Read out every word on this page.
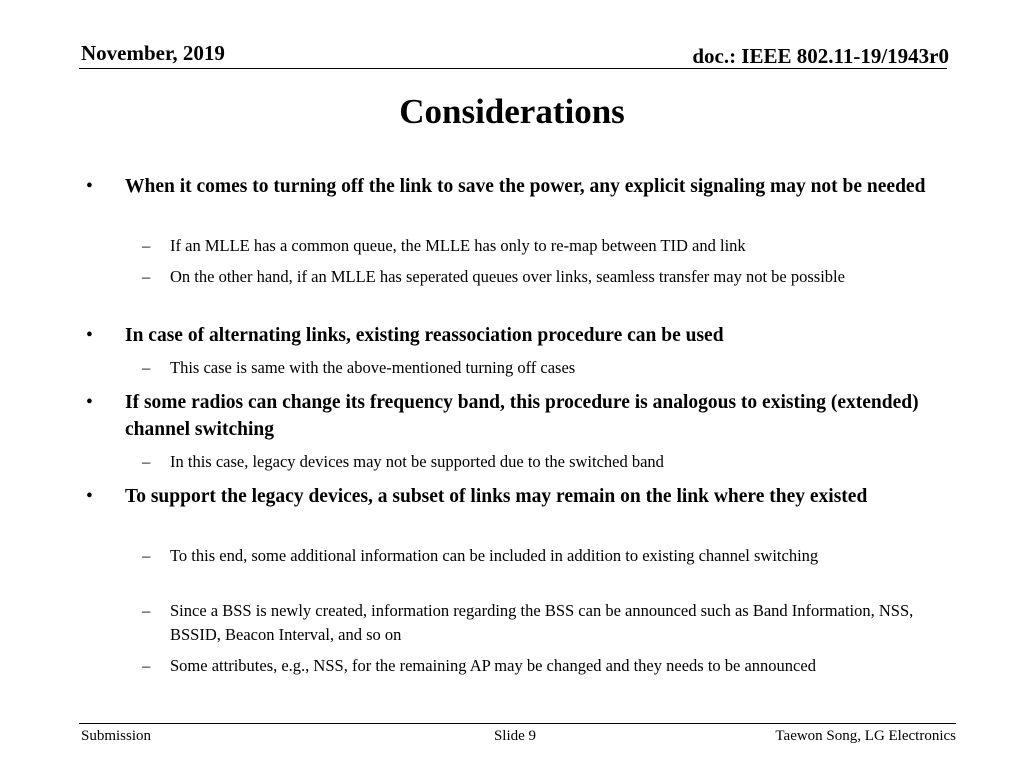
November, 2019	doc.: IEEE 802.11-19/1943r0
Considerations
• When it comes to turning off the link to save the power, any explicit signaling may not be needed
– If an MLLE has a common queue, the MLLE has only to re-map between TID and link
– On the other hand, if an MLLE has seperated queues over links, seamless transfer may not be possible
• In case of alternating links, existing reassociation procedure can be used
– This case is same with the above-mentioned turning off cases
• If some radios can change its frequency band, this procedure is analogous to existing (extended) channel switching
– In this case, legacy devices may not be supported due to the switched band
• To support the legacy devices, a subset of links may remain on the link where they existed
– To this end, some additional information can be included in addition to existing channel switching
– Since a BSS is newly created, information regarding the BSS can be announced such as Band Information, NSS, BSSID, Beacon Interval, and so on
– Some attributes, e.g., NSS, for the remaining AP may be changed and they needs to be announced
Submission	Slide 9	Taewon Song, LG Electronics
